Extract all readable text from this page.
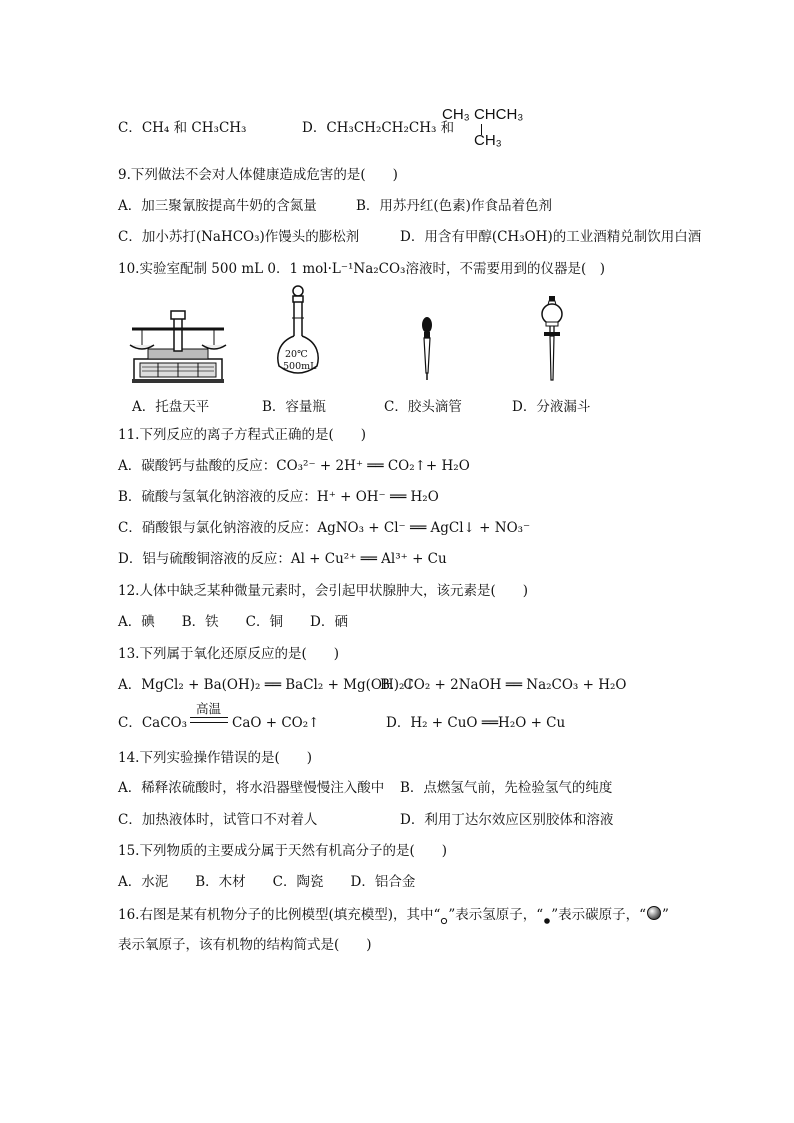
C．CH₄ 和 CH₃CH₃	D．CH₃CH₂CH₂CH₃ 和
CH₃ CHCH₃
CH₃
9.下列做法不会对人体健康造成危害的是(　　)
A．加三聚氰胺提高牛奶的含氮量	B．用苏丹红(色素)作食品着色剂
C．加小苏打(NaHCO₃)作馒头的膨松剂	D．用含有甲醇(CH₃OH)的工业酒精兑制饮用白酒
10.实验室配制 500 mL 0．1 mol·L⁻¹Na₂CO₃溶液时，不需要用到的仪器是(　)
20℃
500mL
A．托盘天平	B．容量瓶	C．胶头滴管	D．分液漏斗
11.下列反应的离子方程式正确的是(　　)
A．碳酸钙与盐酸的反应：CO₃²⁻ + 2H⁺ ══ CO₂↑+ H₂O
B．硫酸与氢氧化钠溶液的反应：H⁺ + OH⁻ ══ H₂O
C．硝酸银与氯化钠溶液的反应：AgNO₃ + Cl⁻ ══ AgCl↓ + NO₃⁻
D．铝与硫酸铜溶液的反应：Al + Cu²⁺ ══ Al³⁺ + Cu
12.人体中缺乏某种微量元素时，会引起甲状腺肿大，该元素是(　　)
A．碘　　B．铁　　C．铜　　D．硒
13.下列属于氧化还原反应的是(　　)
A．MgCl₂ + Ba(OH)₂ ══ BaCl₂ + Mg(OH)₂↓
B．CO₂ + 2NaOH ══ Na₂CO₃ + H₂O
C．CaCO₃
高温
CaO + CO₂↑	D．H₂ + CuO ══H₂O + Cu
14.下列实验操作错误的是(　　)
A．稀释浓硫酸时，将水沿器壁慢慢注入酸中 B．点燃氢气前，先检验氢气的纯度
C．加热液体时，试管口不对着人	D．利用丁达尔效应区别胶体和溶液
15.下列物质的主要成分属于天然有机高分子的是(　　)
A．水泥　　B．木材　　C．陶瓷　　D．铝合金
16.右图是某有机物分子的比例模型(填充模型)，其中“ ”表示氢原子，“ ”表示碳原子，“ ”
表示氧原子，该有机物的结构简式是(　　)
